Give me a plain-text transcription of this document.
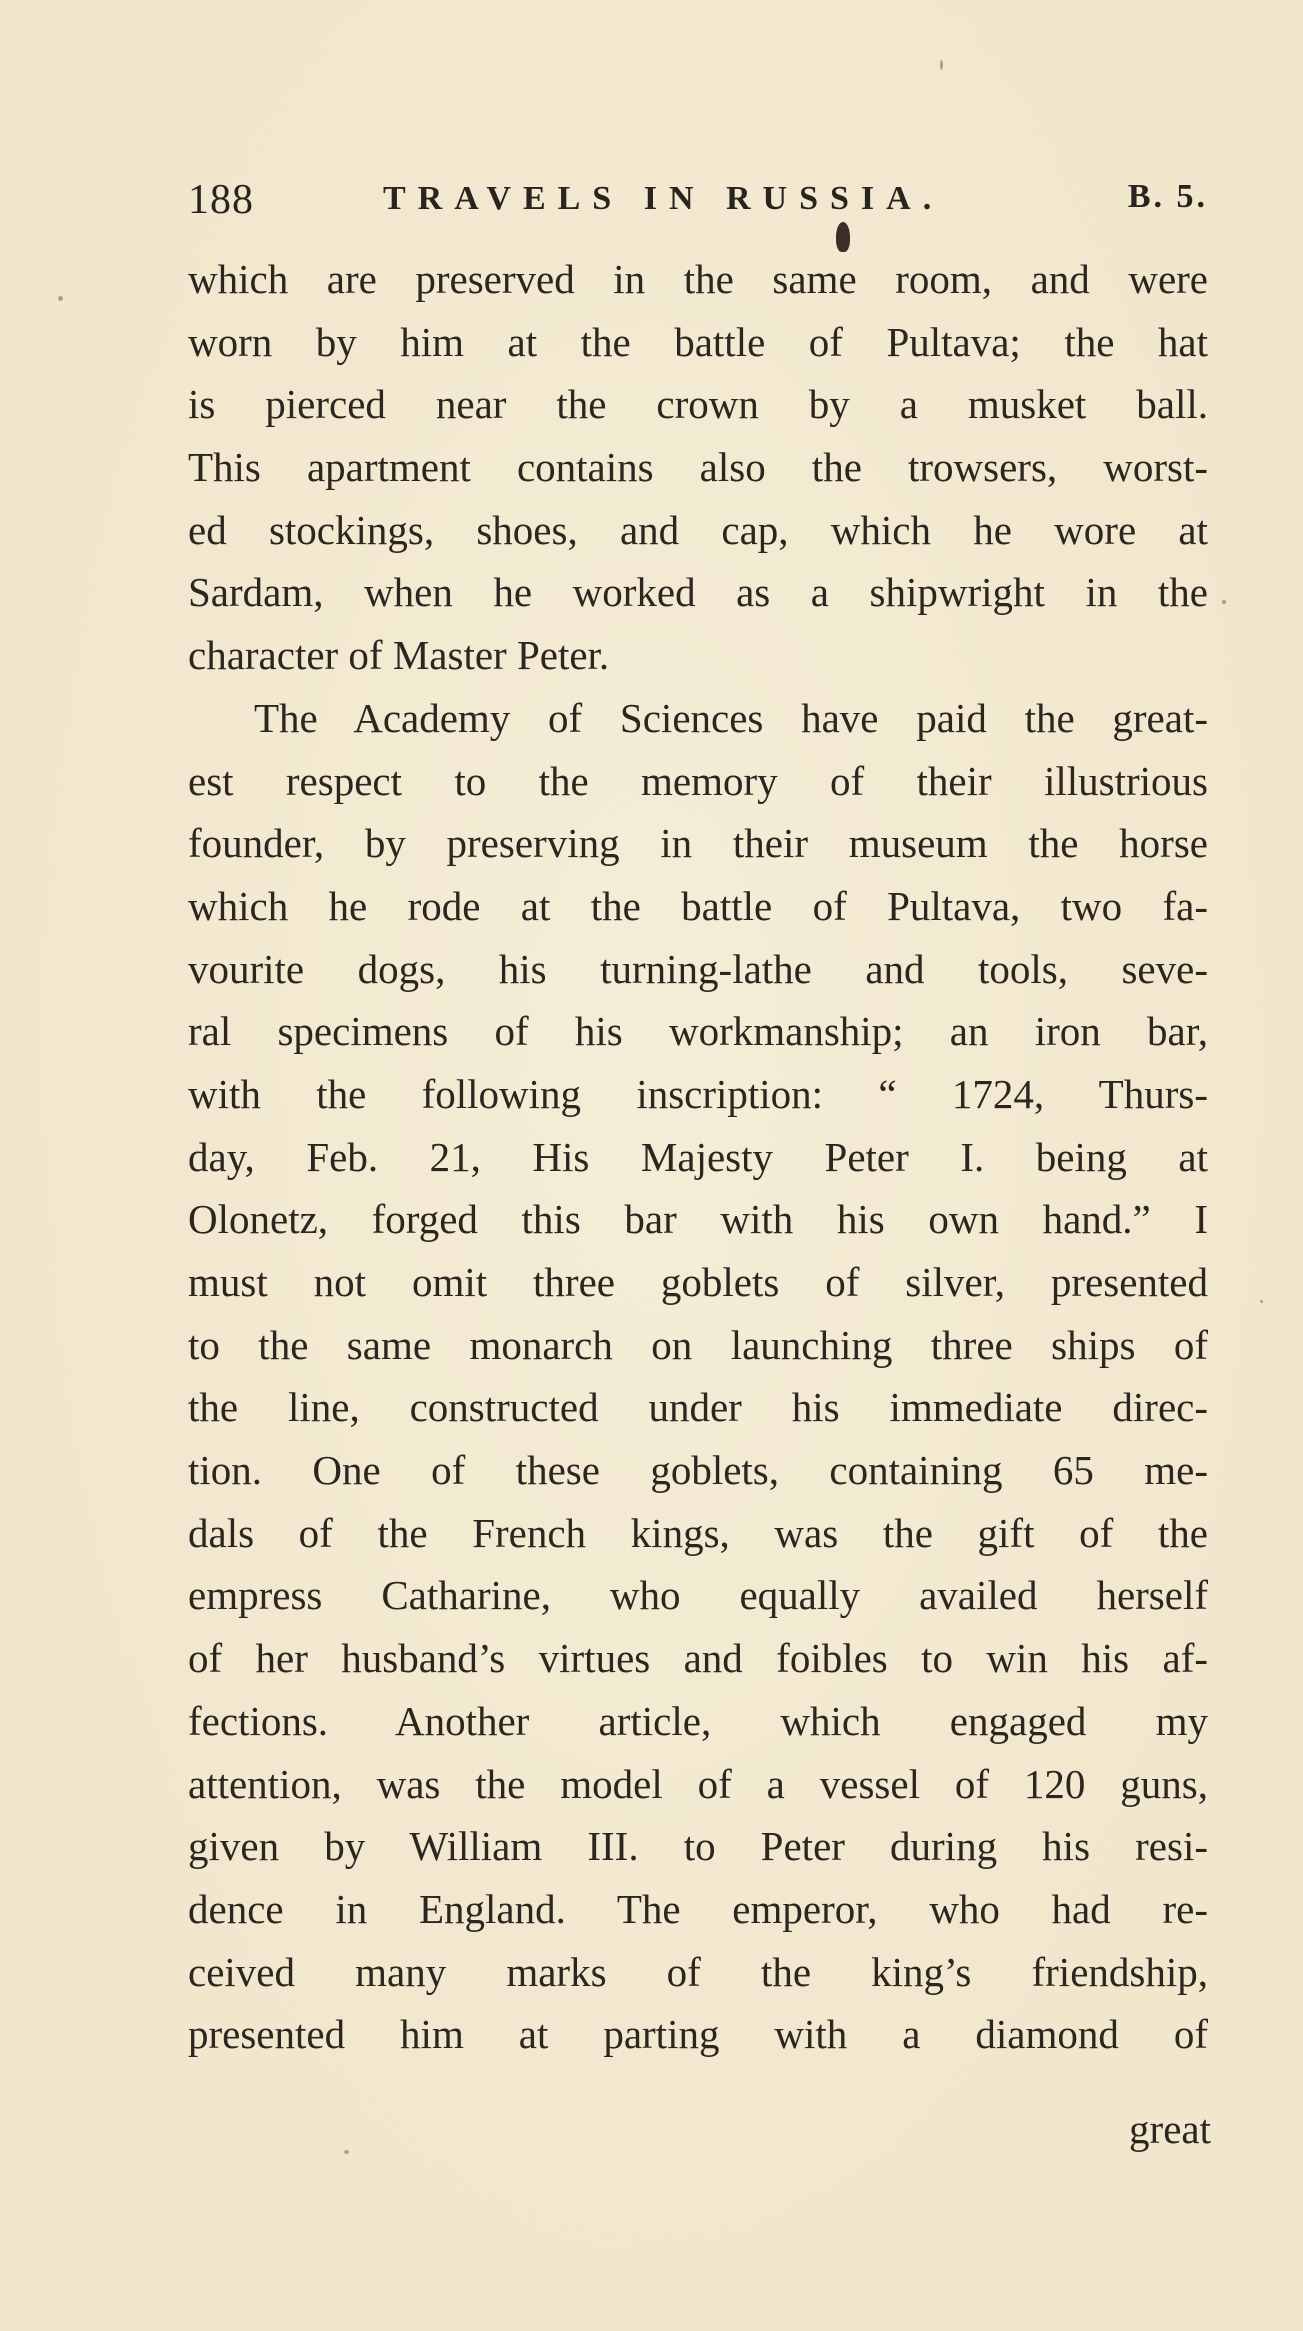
188	TRAVELS IN RUSSIA.	B. 5.
which are preserved in the same room, and were
worn by him at the battle of Pultava; the hat
is pierced near the crown by a musket ball.
This apartment contains also the trowsers, worst-
ed stockings, shoes, and cap, which he wore at
Sardam, when he worked as a shipwright in the
character of Master Peter.
The Academy of Sciences have paid the great-
est respect to the memory of their illustrious
founder, by preserving in their museum the horse
which he rode at the battle of Pultava, two fa-
vourite dogs, his turning-lathe and tools, seve-
ral specimens of his workmanship; an iron bar,
with the following inscription: “ 1724, Thurs-
day, Feb. 21, His Majesty Peter I. being at
Olonetz, forged this bar with his own hand.” I
must not omit three goblets of silver, presented
to the same monarch on launching three ships of
the line, constructed under his immediate direc-
tion. One of these goblets, containing 65 me-
dals of the French kings, was the gift of the
empress Catharine, who equally availed herself
of her husband’s virtues and foibles to win his af-
fections. Another article, which engaged my
attention, was the model of a vessel of 120 guns,
given by William III. to Peter during his resi-
dence in England. The emperor, who had re-
ceived many marks of the king’s friendship,
presented him at parting with a diamond of
great
